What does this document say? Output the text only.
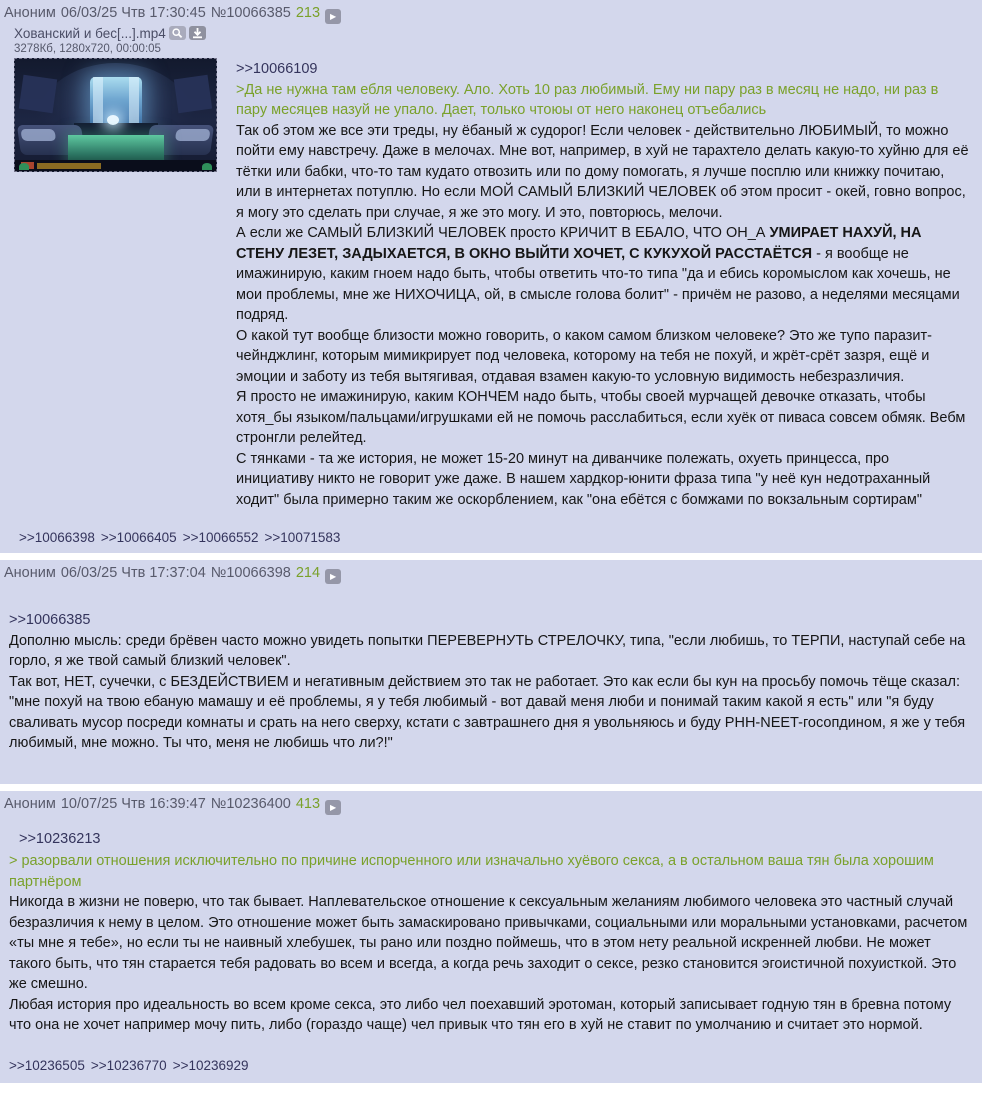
Аноним 06/03/25 Чтв 17:30:45 №10066385 213 ▶
Хованский и бес[...].mp4
3278Кб, 1280x720, 00:00:05
>>10066109
>Да не нужна там ебля человеку. Ало. Хоть 10 раз любимый. Ему ни пару раз в месяц не надо, ни раз в пару месяцев назуй не упало. Дает, только чтоюы от него наконец отъебались
Так об этом же все эти треды, ну ёбаный ж судорог! Если человек - действительно ЛЮБИМЫЙ, то можно пойти ему навстречу. Даже в мелочах. Мне вот, например, в хуй не тарахтело делать какую-то хуйню для её тётки или бабки, что-то там кудато отвозить или по дому помогать, я лучше посплю или книжку почитаю, или в интернетах потуплю. Но если МОЙ САМЫЙ БЛИЗКИЙ ЧЕЛОВЕК об этом просит - окей, говно вопрос, я могу это сделать при случае, я же это могу. И это, повторюсь, мелочи.
А если же САМЫЙ БЛИЗКИЙ ЧЕЛОВЕК просто КРИЧИТ В ЕБАЛО, ЧТО ОН_А УМИРАЕТ НАХУЙ, НА СТЕНУ ЛЕЗЕТ, ЗАДЫХАЕТСЯ, В ОКНО ВЫЙТИ ХОЧЕТ, С КУКУХОЙ РАССТАЁТСЯ - я вообще не имажинирую, каким гноем надо быть, чтобы ответить что-то типа "да и ебись коромыслом как хочешь, не мои проблемы, мне же НИХОЧИЦА, ой, в смысле голова болит" - причём не разово, а неделями месяцами подряд.
О какой тут вообще близости можно говорить, о каком самом близком человеке? Это же тупо паразит-чейнджлинг, которым мимикрирует под человека, которому на тебя не похуй, и жрёт-срёт зазря, ещё и эмоции и заботу из тебя вытягивая, отдавая взамен какую-то условную видимость небезразличия.
Я просто не имажинирую, каким КОНЧЕМ надо быть, чтобы своей мурчащей девочке отказать, чтобы хотя_бы языком/пальцами/игрушками ей не помочь расслабиться, если хуёк от пиваса совсем обмяк. Вебм стронгли релейтед.
С тянками - та же история, не может 15-20 минут на диванчике полежать, охуеть принцесса, про инициативу никто не говорит уже даже. В нашем хардкор-юнити фраза типа "у неё кун недотраханный ходит" была примерно таким же оскорблением, как "она ебётся с бомжами по вокзальным сортирам"
>>10066398 >>10066405 >>10066552 >>10071583
Аноним 06/03/25 Чтв 17:37:04 №10066398 214 ▶
>>10066385
Дополню мысль: среди брёвен часто можно увидеть попытки ПЕРЕВЕРНУТЬ СТРЕЛОЧКУ, типа, "если любишь, то ТЕРПИ, наступай себе на горло, я же твой самый близкий человек".
Так вот, НЕТ, сучечки, с БЕЗДЕЙСТВИЕМ и негативным действием это так не работает. Это как если бы кун на просьбу помочь тёще сказал: "мне похуй на твою ебаную мамашу и её проблемы, я у тебя любимый - вот давай меня люби и понимай таким какой я есть" или "я буду сваливать мусор посреди комнаты и срать на него сверху, кстати с завтрашнего дня я увольняюсь и буду РНН-NEET-госопдином, я же у тебя любимый, мне можно. Ты что, меня не любишь что ли?!"
Аноним 10/07/25 Чтв 16:39:47 №10236400 413 ▶
>>10236213
> разорвали отношения исключительно по причине испорченного или изначально хуёвого секса, а в остальном ваша тян была хорошим партнёром
Никогда в жизни не поверю, что так бывает. Наплевательское отношение к сексуальным желаниям любимого человека это частный случай безразличия к нему в целом. Это отношение может быть замаскировано привычками, социальными или моральными установками, расчетом «ты мне я тебе», но если ты не наивный хлебушек, ты рано или поздно поймешь, что в этом нету реальной искренней любви. Не может такого быть, что тян старается тебя радовать во всем и всегда, а когда речь заходит о сексе, резко становится эгоистичной похуисткой. Это же смешно.
Любая история про идеальность во всем кроме секса, это либо чел поехавший эротоман, который записывает годную тян в бревна потому что она не хочет например мочу пить, либо (гораздо чаще) чел привык что тян его в хуй не ставит по умолчанию и считает это нормой.
>>10236505 >>10236770 >>10236929
